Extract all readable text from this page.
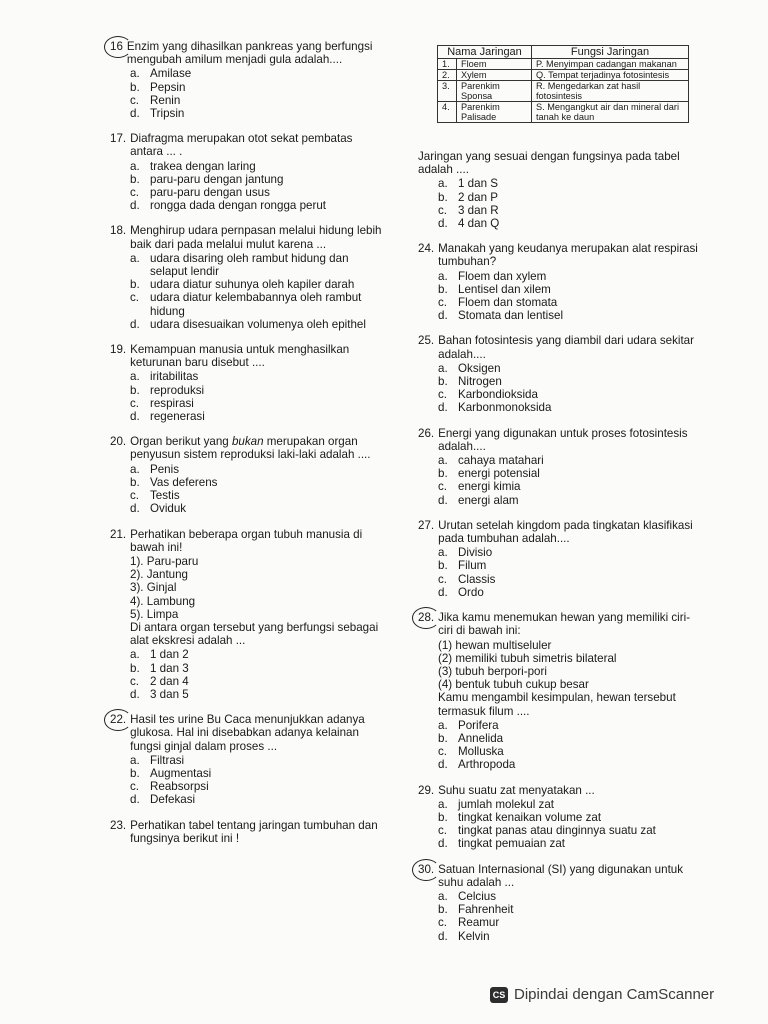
Nama Jaringan		Fungsi Jaringan
1.	Floem	P. Menyimpan cadangan makanan
2.	Xylem	Q. Tempat terjadinya fotosintesis
3.	Parenkim Sponsa	R. Mengedarkan zat hasil fotosintesis
4.	Parenkim Palisade	S. Mengangkut air dan mineral dari tanah ke daun
16 Enzim yang dihasilkan pankreas yang berfungsi mengubah amilum menjadi gula adalah....
a. Amilase
b. Pepsin
c. Renin
d. Tripsin
17. Diafragma merupakan otot sekat pembatas antara ... .
a. trakea dengan laring
b. paru-paru dengan jantung
c. paru-paru dengan usus
d. rongga dada dengan rongga perut
18. Menghirup udara pernpasan melalui hidung lebih baik dari pada melalui mulut karena ...
a. udara disaring oleh rambut hidung dan selaput lendir
b. udara diatur suhunya oleh kapiler darah
c. udara diatur kelembabannya oleh rambut hidung
d. udara disesuaikan volumenya oleh epithel
19. Kemampuan manusia untuk menghasilkan keturunan baru disebut ....
a. iritabilitas
b. reproduksi
c. respirasi
d. regenerasi
20. Organ berikut yang bukan merupakan organ penyusun sistem reproduksi laki-laki adalah ....
a. Penis
b. Vas deferens
c. Testis
d. Oviduk
21. Perhatikan beberapa organ tubuh manusia di bawah ini!
1). Paru-paru
2). Jantung
3). Ginjal
4). Lambung
5). Limpa
Di antara organ tersebut yang berfungsi sebagai alat ekskresi adalah ...
a. 1 dan 2
b. 1 dan 3
c. 2 dan 4
d. 3 dan 5
22. Hasil tes urine Bu Caca menunjukkan adanya glukosa. Hal ini disebabkan adanya kelainan fungsi ginjal dalam proses ...
a. Filtrasi
b. Augmentasi
c. Reabsorpsi
d. Defekasi
23. Perhatikan tabel tentang jaringan tumbuhan dan fungsinya berikut ini !
Jaringan yang sesuai dengan fungsinya pada tabel adalah ....
a. 1 dan S
b. 2 dan P
c. 3 dan R
d. 4 dan Q
24. Manakah yang keudanya merupakan alat respirasi tumbuhan?
a. Floem dan xylem
b. Lentisel dan xilem
c. Floem dan stomata
d. Stomata dan lentisel
25. Bahan fotosintesis yang diambil dari udara sekitar adalah....
a. Oksigen
b. Nitrogen
c. Karbondioksida
d. Karbonmonoksida
26. Energi yang digunakan untuk proses fotosintesis adalah....
a. cahaya matahari
b. energi potensial
c. energi kimia
d. energi alam
27. Urutan setelah kingdom pada tingkatan klasifikasi pada tumbuhan adalah....
a. Divisio
b. Filum
c. Classis
d. Ordo
28. Jika kamu menemukan hewan yang memiliki ciri-ciri di bawah ini:
(1) hewan multiseluler
(2) memiliki tubuh simetris bilateral
(3) tubuh berpori-pori
(4) bentuk tubuh cukup besar
Kamu mengambil kesimpulan, hewan tersebut termasuk filum ....
a. Porifera
b. Annelida
c. Molluska
d. Arthropoda
29. Suhu suatu zat menyatakan ...
a. jumlah molekul zat
b. tingkat kenaikan volume zat
c. tingkat panas atau dinginnya suatu zat
d. tingkat pemuaian zat
30. Satuan Internasional (SI) yang digunakan untuk suhu adalah ...
a. Celcius
b. Fahrenheit
c. Reamur
d. Kelvin
CS Dipindai dengan CamScanner
